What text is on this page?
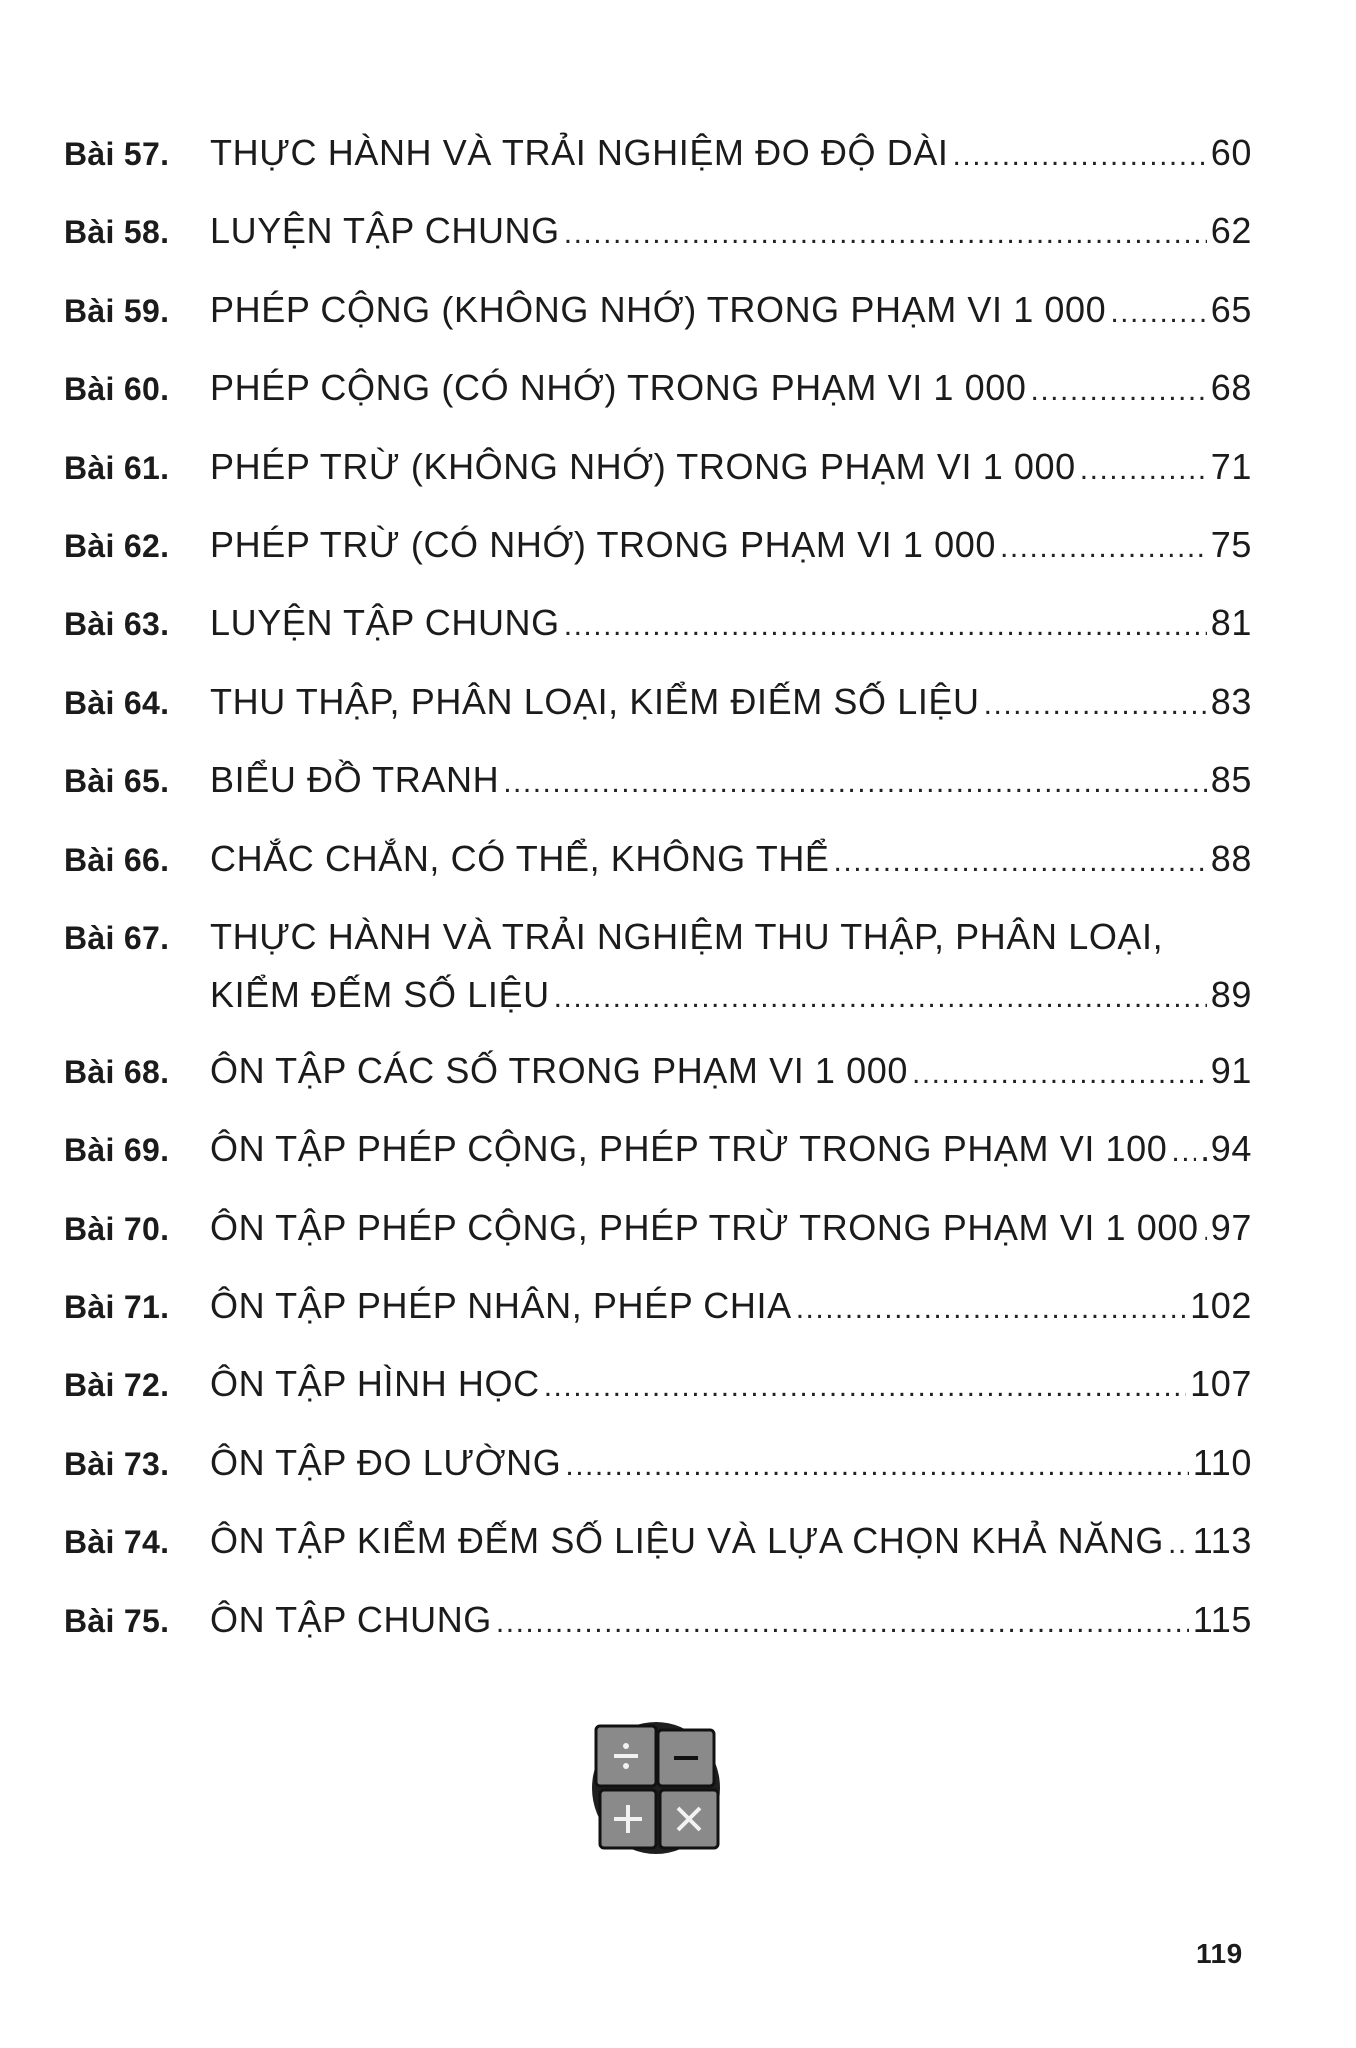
Bài 57. THỰC HÀNH VÀ TRẢI NGHIỆM ĐO ĐỘ DÀI .....	60
Bài 58. LUYỆN TẬP CHUNG .....	62
Bài 59. PHÉP CỘNG (KHÔNG NHỚ) TRONG PHẠM VI 1 000 .....	65
Bài 60. PHÉP CỘNG (CÓ NHỚ) TRONG PHẠM VI 1 000 .....	68
Bài 61. PHÉP TRỪ (KHÔNG NHỚ) TRONG PHẠM VI 1 000 .....	71
Bài 62. PHÉP TRỪ (CÓ NHỚ) TRONG PHẠM VI 1 000 .....	75
Bài 63. LUYỆN TẬP CHUNG .....	81
Bài 64. THU THẬP, PHÂN LOẠI, KIỂM ĐIẾM SỐ LIỆU .....	83
Bài 65. BIỂU ĐỒ TRANH .....	85
Bài 66. CHẮC CHẮN, CÓ THỂ, KHÔNG THỂ .....	88
Bài 67. THỰC HÀNH VÀ TRẢI NGHIỆM THU THẬP, PHÂN LOẠI,
KIỂM ĐẾM SỐ LIỆU .....	89
Bài 68. ÔN TẬP CÁC SỐ TRONG PHẠM VI 1 000 .....	91
Bài 69. ÔN TẬP PHÉP CỘNG, PHÉP TRỪ TRONG PHẠM VI 100 ..... .94
Bài 70. ÔN TẬP PHÉP CỘNG, PHÉP TRỪ TRONG PHẠM VI 1 000 ..... 97
Bài 71. ÔN TẬP PHÉP NHÂN, PHÉP CHIA .....	102
Bài 72. ÔN TẬP HÌNH HỌC .....	107
Bài 73. ÔN TẬP ĐO LƯỜNG .....	110
Bài 74. ÔN TẬP KIỂM ĐẾM SỐ LIỆU VÀ LỰA CHỌN KHẢ NĂNG ..... 113
Bài 75. ÔN TẬP CHUNG .....	115
119
